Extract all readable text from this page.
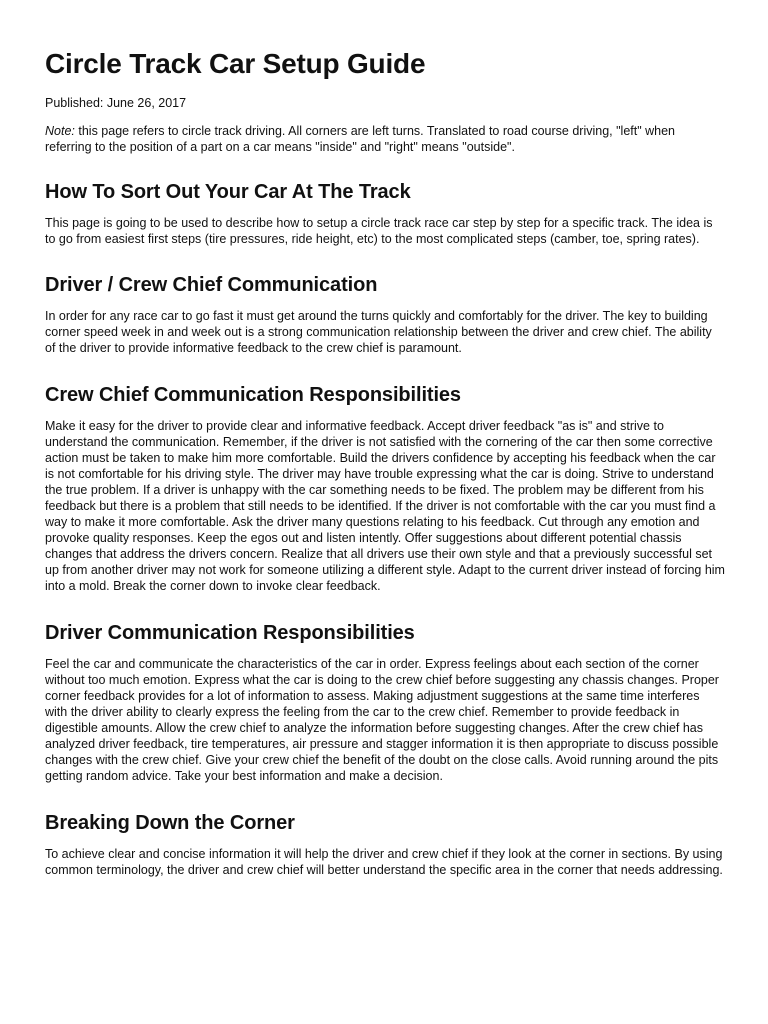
Circle Track Car Setup Guide

Published: June 26, 2017

Note: this page refers to circle track driving. All corners are left turns. Translated to road course driving, "left" when referring to the position of a part on a car means "inside" and "right" means "outside".

How To Sort Out Your Car At The Track

This page is going to be used to describe how to setup a circle track race car step by step for a specific track. The idea is to go from easiest first steps (tire pressures, ride height, etc) to the most complicated steps (camber, toe, spring rates).

Driver / Crew Chief Communication

In order for any race car to go fast it must get around the turns quickly and comfortably for the driver. The key to building corner speed week in and week out is a strong communication relationship between the driver and crew chief. The ability of the driver to provide informative feedback to the crew chief is paramount.

Crew Chief Communication Responsibilities

Make it easy for the driver to provide clear and informative feedback. Accept driver feedback "as is" and strive to understand the communication. Remember, if the driver is not satisfied with the cornering of the car then some corrective action must be taken to make him more comfortable. Build the drivers confidence by accepting his feedback when the car is not comfortable for his driving style. The driver may have trouble expressing what the car is doing. Strive to understand the true problem. If a driver is unhappy with the car something needs to be fixed. The problem may be different from his feedback but there is a problem that still needs to be identified. If the driver is not comfortable with the car you must find a way to make it more comfortable. Ask the driver many questions relating to his feedback. Cut through any emotion and provoke quality responses. Keep the egos out and listen intently. Offer suggestions about different potential chassis changes that address the drivers concern. Realize that all drivers use their own style and that a previously successful set up from another driver may not work for someone utilizing a different style. Adapt to the current driver instead of forcing him into a mold. Break the corner down to invoke clear feedback.

Driver Communication Responsibilities

Feel the car and communicate the characteristics of the car in order. Express feelings about each section of the corner without too much emotion. Express what the car is doing to the crew chief before suggesting any chassis changes. Proper corner feedback provides for a lot of information to assess. Making adjustment suggestions at the same time interferes with the driver ability to clearly express the feeling from the car to the crew chief. Remember to provide feedback in digestible amounts. Allow the crew chief to analyze the information before suggesting changes. After the crew chief has analyzed driver feedback, tire temperatures, air pressure and stagger information it is then appropriate to discuss possible changes with the crew chief. Give your crew chief the benefit of the doubt on the close calls. Avoid running around the pits getting random advice. Take your best information and make a decision.

Breaking Down the Corner

To achieve clear and concise information it will help the driver and crew chief if they look at the corner in sections. By using common terminology, the driver and crew chief will better understand the specific area in the corner that needs addressing.
